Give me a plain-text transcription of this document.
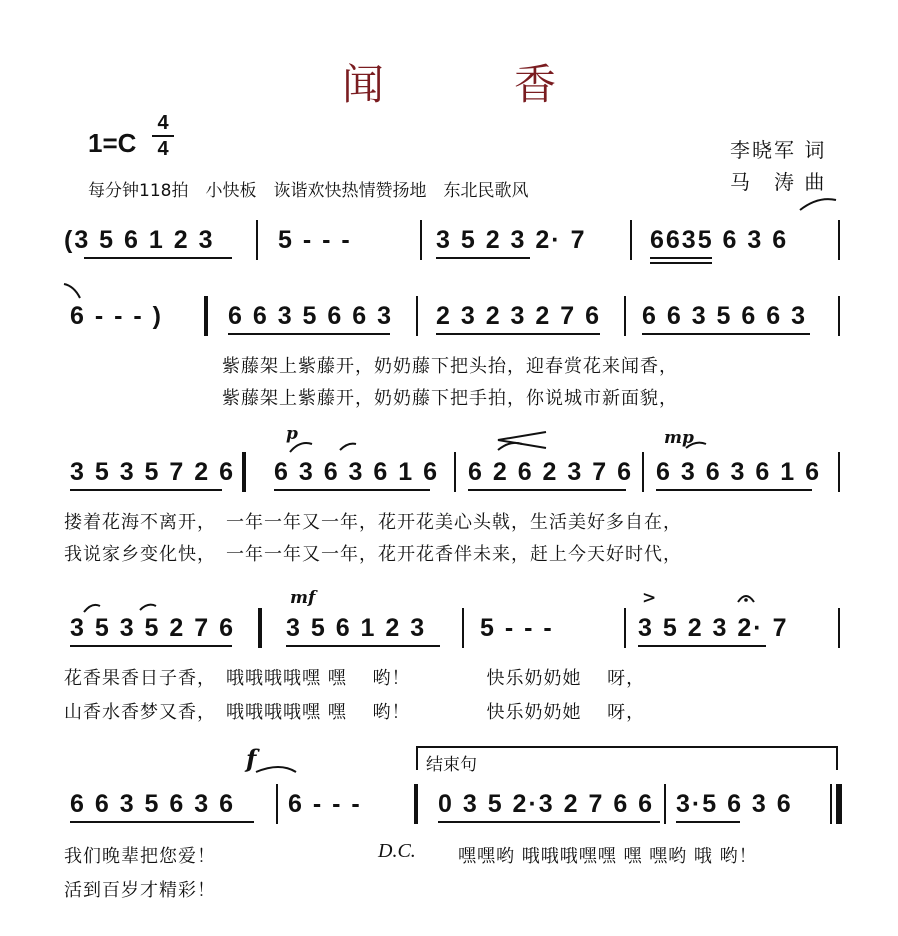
闻　香
1=C
4
4
每分钟118拍　小快板　诙谐欢快热情赞扬地　东北民歌风
李晓军 词
马　涛 曲
(3 5 6 1 2 3	5 - - -	3 5 2 3 2· 7	6635 6 3 6
6 - - - )	6 6 3 5 6 6 3 2 3 2 3 2 7 6 6 6 3 5 6 6 3
紫藤架上紫藤开，奶奶藤下把头抬，迎春赏花来闻香，
紫藤架上紫藤开，奶奶藤下把手拍，你说城市新面貌，
p	mp
3 5 3 5 7 2 6 6 3 6 3 6 1 6 6 2 6 2 3 7 6 6 3 6 3 6 1 6
搂着花海不离开，　一年一年又一年，花开花美心头戟，生活美好多自在，
我说家乡变化快，　一年一年又一年，花开花香伴未来，赶上今天好时代，
mf	>
3 5 3 5 2 7 6 3 5 6 1 2 3 5 - - -	3 5 2 3 2· 7
花香果香日子香，　哦哦哦哦嘿 嘿　 哟！　　　　快乐奶奶她　 呀，
山香水香梦又香，　哦哦哦哦嘿 嘿　 哟！　　　　快乐奶奶她　 呀，
f	结束句
6 6 3 5 6 3 6 6 - - -	0 3 5 2·3 2 7 6 6 3·5 6 3 6
我们晚辈把您爱！
活到百岁才精彩！
D.C. 嘿嘿哟 哦哦哦嘿嘿 嘿 嘿哟 哦 哟！
